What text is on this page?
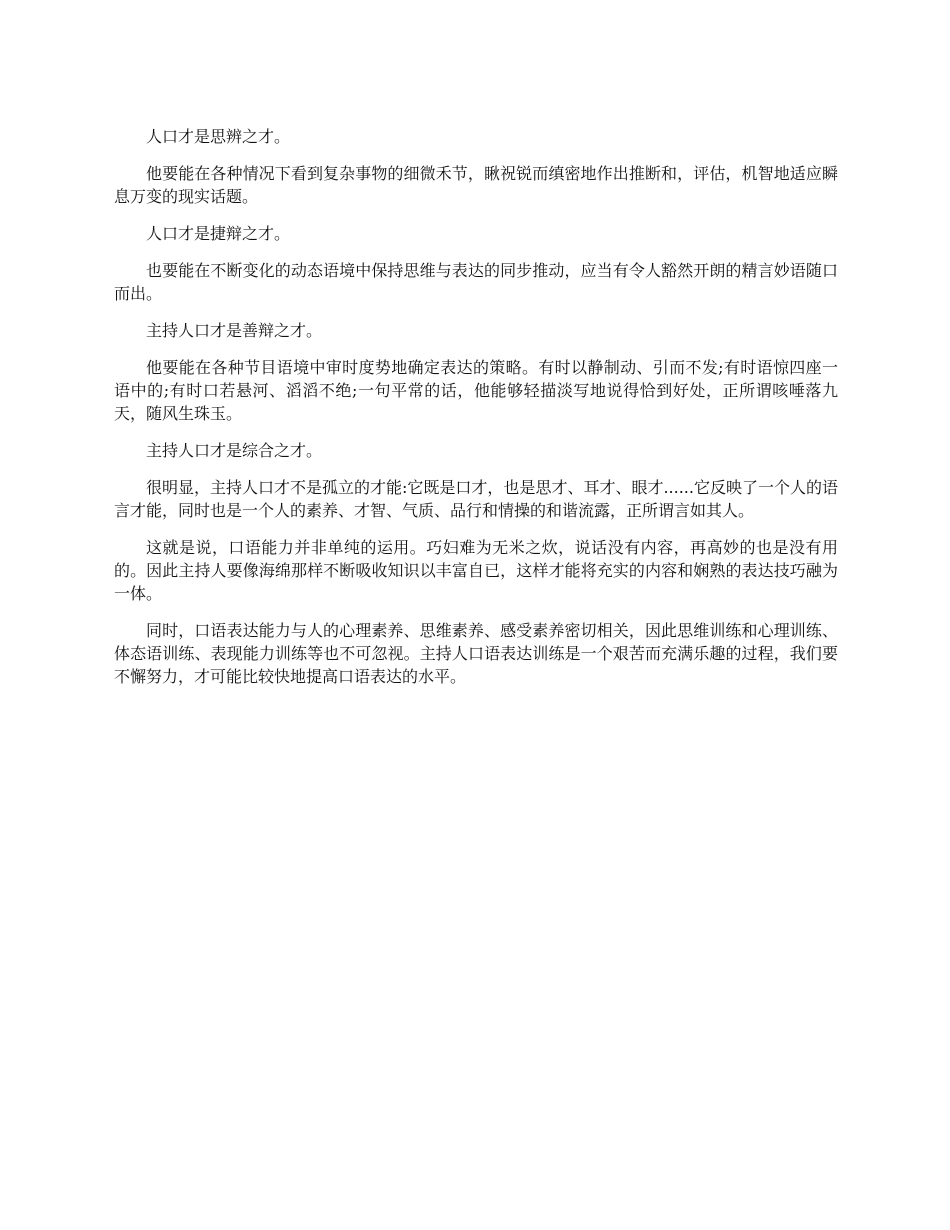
人口才是思辨之才。

他要能在各种情况下看到复杂事物的细微禾节，瞅祝锐而缜密地作出推断和，评估，机智地适应瞬息万变的现实话题。

人口才是捷辩之才。

也要能在不断变化的动态语境中保持思维与表达的同步推动，应当有令人豁然开朗的精言妙语随口而出。

主持人口才是善辩之才。

他要能在各种节目语境中审时度势地确定表达的策略。有时以静制动、引而不发;有时语惊四座一语中的;有时口若悬河、滔滔不绝;一句平常的话，他能够轻描淡写地说得恰到好处，正所谓咳唾落九天，随风生珠玉。

主持人口才是综合之才。

很明显，主持人口才不是孤立的才能:它既是口才，也是思才、耳才、眼才......它反映了一个人的语言才能，同时也是一个人的素养、才智、气质、品行和情操的和谐流露，正所谓言如其人。

这就是说，口语能力并非单纯的运用。巧妇难为无米之炊，说话没有内容，再高妙的也是没有用的。因此主持人要像海绵那样不断吸收知识以丰富自已，这样才能将充实的内容和娴熟的表达技巧融为一体。

同时，口语表达能力与人的心理素养、思维素养、感受素养密切相关，因此思维训练和心理训练、体态语训练、表现能力训练等也不可忽视。主持人口语表达训练是一个艰苦而充满乐趣的过程，我们要不懈努力，才可能比较快地提高口语表达的水平。
